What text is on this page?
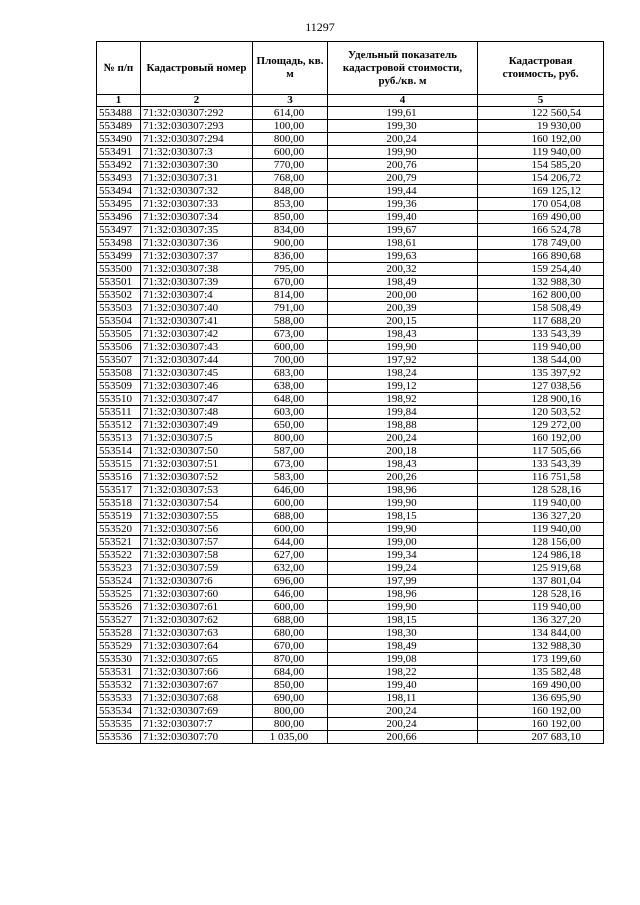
11297
№ п/п	Кадастровый номер	Площадь, кв. м	Удельный показатель кадастровой стоимости, руб./кв. м	Кадастровая стоимость, руб.
1	2	3	4	5
553488	71:32:030307:292	614,00	199,61	122 560,54
553489	71:32:030307:293	100,00	199,30	19 930,00
553490	71:32:030307:294	800,00	200,24	160 192,00
553491	71:32:030307:3	600,00	199,90	119 940,00
553492	71:32:030307:30	770,00	200,76	154 585,20
553493	71:32:030307:31	768,00	200,79	154 206,72
553494	71:32:030307:32	848,00	199,44	169 125,12
553495	71:32:030307:33	853,00	199,36	170 054,08
553496	71:32:030307:34	850,00	199,40	169 490,00
553497	71:32:030307:35	834,00	199,67	166 524,78
553498	71:32:030307:36	900,00	198,61	178 749,00
553499	71:32:030307:37	836,00	199,63	166 890,68
553500	71:32:030307:38	795,00	200,32	159 254,40
553501	71:32:030307:39	670,00	198,49	132 988,30
553502	71:32:030307:4	814,00	200,00	162 800,00
553503	71:32:030307:40	791,00	200,39	158 508,49
553504	71:32:030307:41	588,00	200,15	117 688,20
553505	71:32:030307:42	673,00	198,43	133 543,39
553506	71:32:030307:43	600,00	199,90	119 940,00
553507	71:32:030307:44	700,00	197,92	138 544,00
553508	71:32:030307:45	683,00	198,24	135 397,92
553509	71:32:030307:46	638,00	199,12	127 038,56
553510	71:32:030307:47	648,00	198,92	128 900,16
553511	71:32:030307:48	603,00	199,84	120 503,52
553512	71:32:030307:49	650,00	198,88	129 272,00
553513	71:32:030307:5	800,00	200,24	160 192,00
553514	71:32:030307:50	587,00	200,18	117 505,66
553515	71:32:030307:51	673,00	198,43	133 543,39
553516	71:32:030307:52	583,00	200,26	116 751,58
553517	71:32:030307:53	646,00	198,96	128 528,16
553518	71:32:030307:54	600,00	199,90	119 940,00
553519	71:32:030307:55	688,00	198,15	136 327,20
553520	71:32:030307:56	600,00	199,90	119 940,00
553521	71:32:030307:57	644,00	199,00	128 156,00
553522	71:32:030307:58	627,00	199,34	124 986,18
553523	71:32:030307:59	632,00	199,24	125 919,68
553524	71:32:030307:6	696,00	197,99	137 801,04
553525	71:32:030307:60	646,00	198,96	128 528,16
553526	71:32:030307:61	600,00	199,90	119 940,00
553527	71:32:030307:62	688,00	198,15	136 327,20
553528	71:32:030307:63	680,00	198,30	134 844,00
553529	71:32:030307:64	670,00	198,49	132 988,30
553530	71:32:030307:65	870,00	199,08	173 199,60
553531	71:32:030307:66	684,00	198,22	135 582,48
553532	71:32:030307:67	850,00	199,40	169 490,00
553533	71:32:030307:68	690,00	198,11	136 695,90
553534	71:32:030307:69	800,00	200,24	160 192,00
553535	71:32:030307:7	800,00	200,24	160 192,00
553536	71:32:030307:70	1 035,00	200,66	207 683,10
